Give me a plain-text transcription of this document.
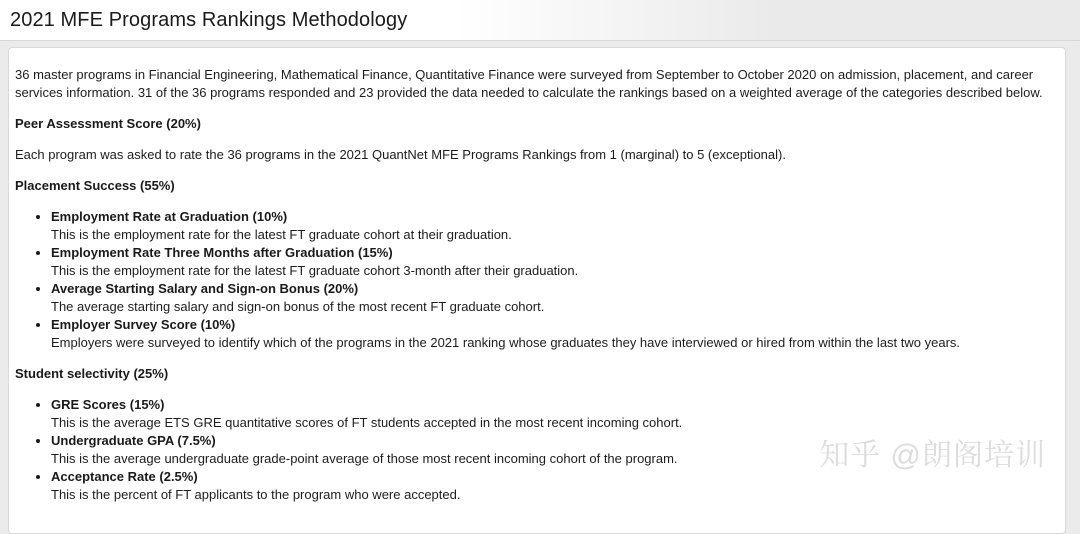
2021 MFE Programs Rankings Methodology

36 master programs in Financial Engineering, Mathematical Finance, Quantitative Finance were surveyed from September to October 2020 on admission, placement, and career services information. 31 of the 36 programs responded and 23 provided the data needed to calculate the rankings based on a weighted average of the categories described below.

Peer Assessment Score (20%)

Each program was asked to rate the 36 programs in the 2021 QuantNet MFE Programs Rankings from 1 (marginal) to 5 (exceptional).

Placement Success (55%)
• Employment Rate at Graduation (10%)
This is the employment rate for the latest FT graduate cohort at their graduation.
• Employment Rate Three Months after Graduation (15%)
This is the employment rate for the latest FT graduate cohort 3-month after their graduation.
• Average Starting Salary and Sign-on Bonus (20%)
The average starting salary and sign-on bonus of the most recent FT graduate cohort.
• Employer Survey Score (10%)
Employers were surveyed to identify which of the programs in the 2021 ranking whose graduates they have interviewed or hired from within the last two years.
Student selectivity (25%)
• GRE Scores (15%)
This is the average ETS GRE quantitative scores of FT students accepted in the most recent incoming cohort.
• Undergraduate GPA (7.5%)
This is the average undergraduate grade-point average of those most recent incoming cohort of the program.
• Acceptance Rate (2.5%)
This is the percent of FT applicants to the program who were accepted.
知乎 @朗阁培训
